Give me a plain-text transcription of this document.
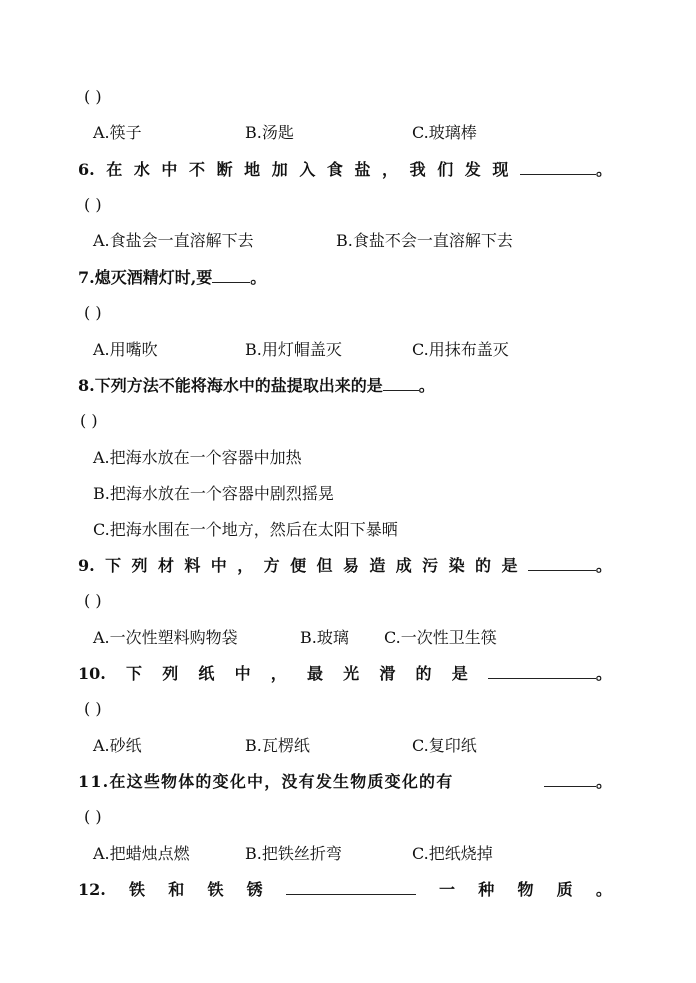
( )
A.筷子	B.汤匙	C.玻璃棒
6. 在 水 中 不 断 地 加 入 食 盐 ， 我 们 发 现	。
( )
A.食盐会一直溶解下去	B.食盐不会一直溶解下去
7.熄灭酒精灯时,要 。
( )
A.用嘴吹	B.用灯帽盖灭	C.用抹布盖灭
8.下列方法不能将海水中的盐提取出来的是 。
( )
A.把海水放在一个容器中加热
B.把海水放在一个容器中剧烈摇晃
C.把海水围在一个地方，然后在太阳下暴晒
9. 下 列 材 料 中 ， 方 便 但 易 造 成 污 染 的 是	。
( )
A.一次性塑料购物袋	B.玻璃 C.一次性卫生筷
10. 下 列 纸 中 ， 最 光 滑 的 是	。
( )
A.砂纸	B.瓦楞纸	C.复印纸
11.在这些物体的变化中，没有发生物质变化的有	。
( )
A.把蜡烛点燃	B.把铁丝折弯	C.把纸烧掉
12. 铁 和 铁 锈	一 种 物 质 。
